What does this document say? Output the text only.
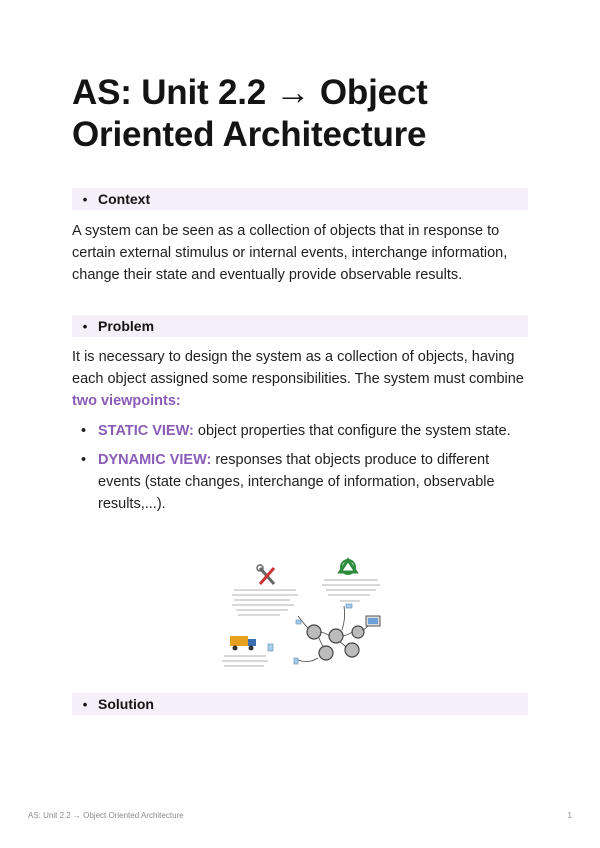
AS: Unit 2.2 → Object Oriented Architecture
• Context

A system can be seen as a collection of objects that in response to certain external stimulus or internal events, interchange information, change their state and eventually provide observable results.

• Problem

It is necessary to design the system as a collection of objects, having each object assigned some responsibilities. The system must combine two viewpoints:

• STATIC VIEW: object properties that configure the system state.
• DYNAMIC VIEW: responses that objects produce to different events (state changes, interchange of information, observable results,...).
• Solution
AS: Unit 2.2 → Object Oriented Architecture	1
